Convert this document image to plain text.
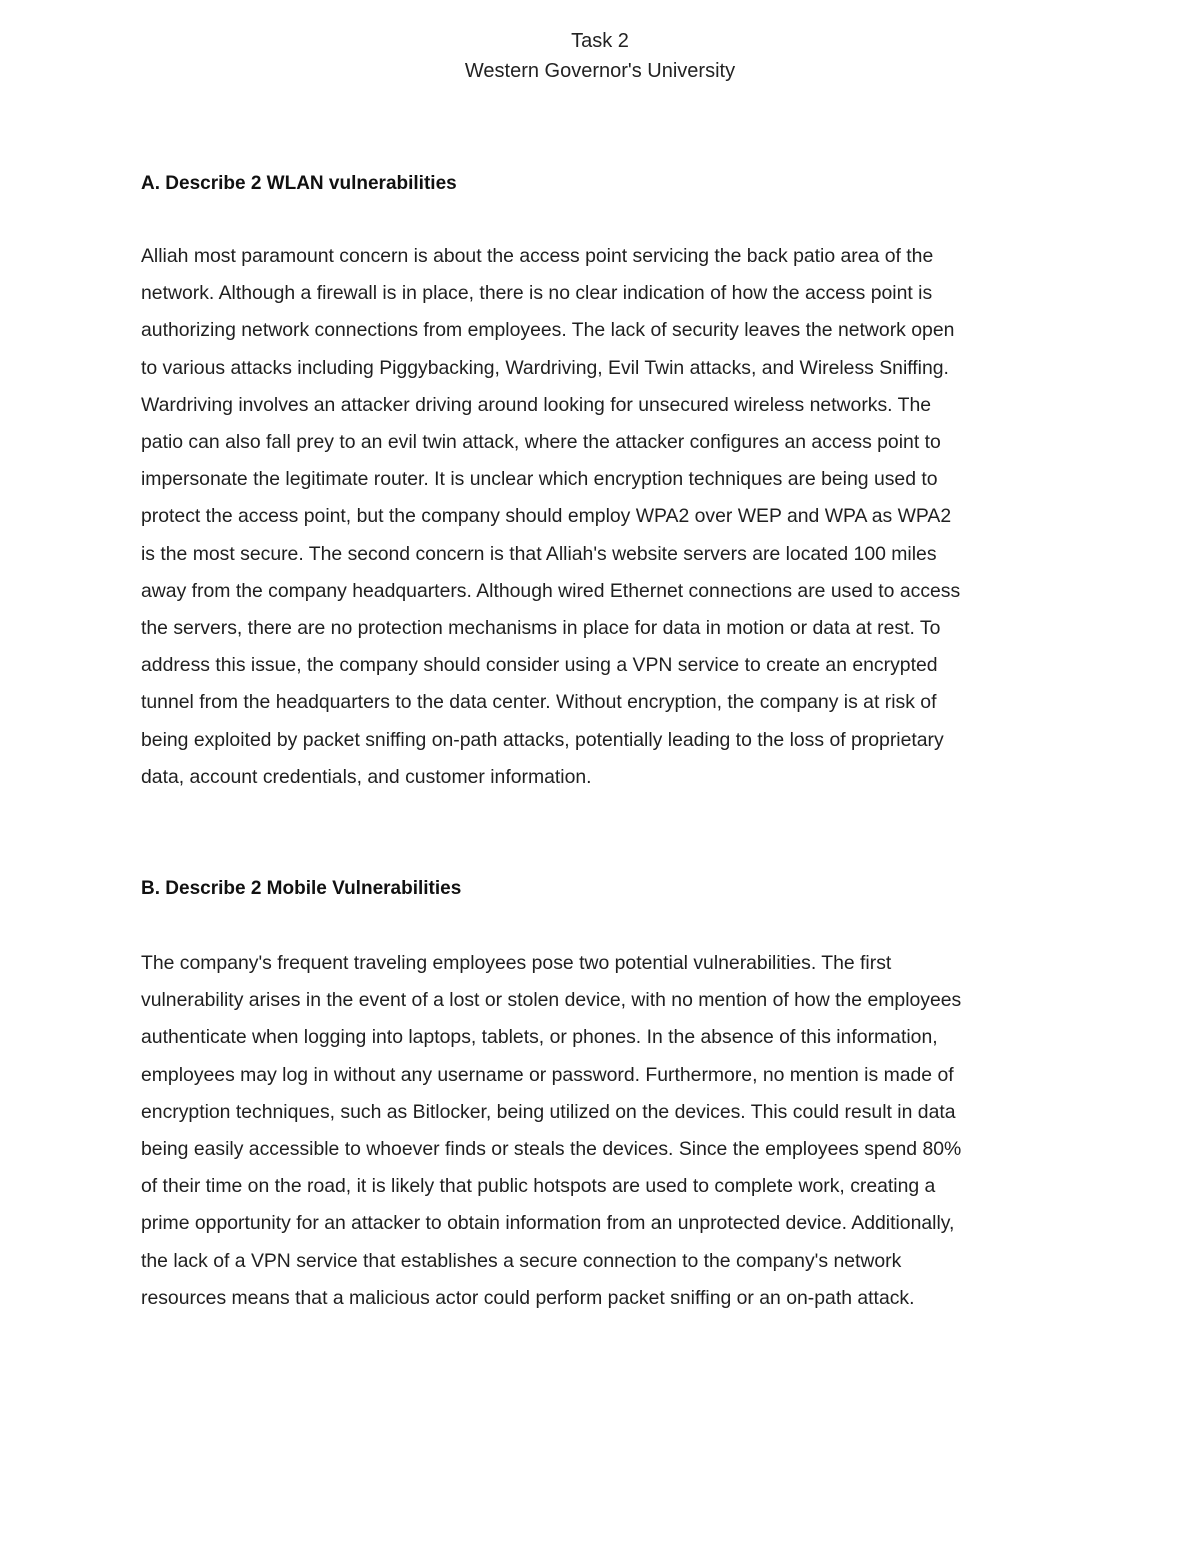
Task 2
Western Governor's University
A. Describe 2 WLAN vulnerabilities
Alliah most paramount concern is about the access point servicing the back patio area of the
network. Although a firewall is in place, there is no clear indication of how the access point is
authorizing network connections from employees. The lack of security leaves the network open
to various attacks including Piggybacking, Wardriving, Evil Twin attacks, and Wireless Sniffing.
Wardriving involves an attacker driving around looking for unsecured wireless networks. The
patio can also fall prey to an evil twin attack, where the attacker configures an access point to
impersonate the legitimate router. It is unclear which encryption techniques are being used to
protect the access point, but the company should employ WPA2 over WEP and WPA as WPA2
is the most secure. The second concern is that Alliah's website servers are located 100 miles
away from the company headquarters. Although wired Ethernet connections are used to access
the servers, there are no protection mechanisms in place for data in motion or data at rest. To
address this issue, the company should consider using a VPN service to create an encrypted
tunnel from the headquarters to the data center. Without encryption, the company is at risk of
being exploited by packet sniffing on-path attacks, potentially leading to the loss of proprietary
data, account credentials, and customer information.
B. Describe 2 Mobile Vulnerabilities
The company's frequent traveling employees pose two potential vulnerabilities. The first
vulnerability arises in the event of a lost or stolen device, with no mention of how the employees
authenticate when logging into laptops, tablets, or phones. In the absence of this information,
employees may log in without any username or password. Furthermore, no mention is made of
encryption techniques, such as Bitlocker, being utilized on the devices. This could result in data
being easily accessible to whoever finds or steals the devices. Since the employees spend 80%
of their time on the road, it is likely that public hotspots are used to complete work, creating a
prime opportunity for an attacker to obtain information from an unprotected device. Additionally,
the lack of a VPN service that establishes a secure connection to the company's network
resources means that a malicious actor could perform packet sniffing or an on-path attack.
